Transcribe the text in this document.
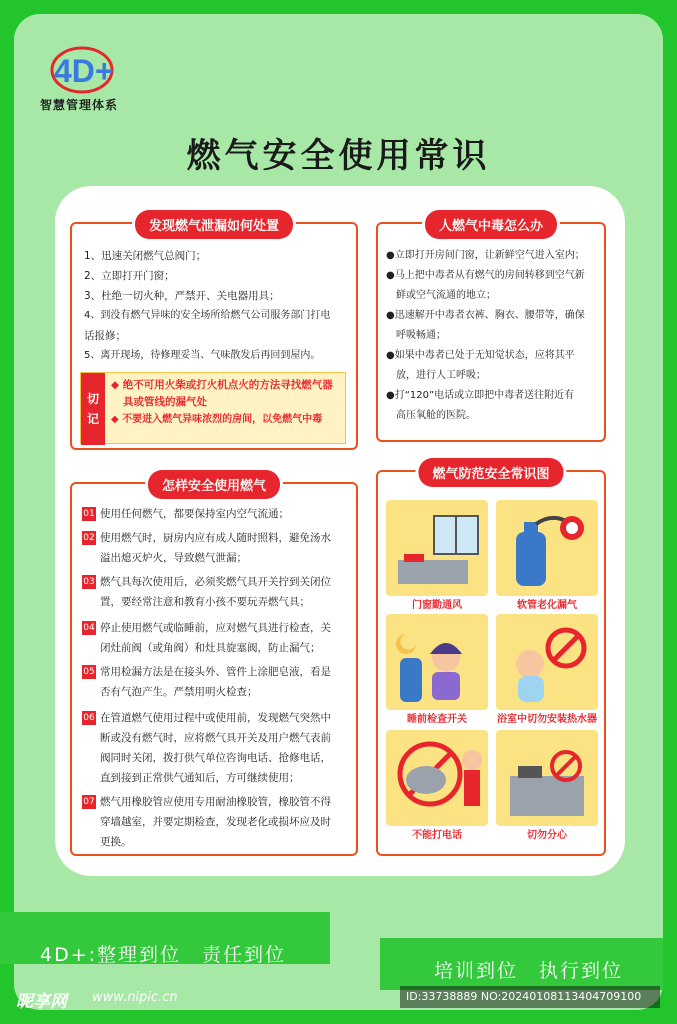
4D+
智慧管理体系
燃气安全使用常识
发现燃气泄漏如何处置

1、迅速关闭燃气总阀门；

2、立即打开门窗；

3、杜绝一切火种，严禁开、关电器用具；

4、到没有燃气异味的安全场所给燃气公司服务部门打电

话报修；

5、离开现场，待修理妥当、气味散发后再回到屋内。

切
记

◆ 绝不可用火柴或打火机点火的方法寻找燃气器

具或管线的漏气处

◆ 不要进入燃气异味浓烈的房间，以免燃气中毒

人燃气中毒怎么办

●立即打开房间门窗，让新鲜空气进入室内；

●马上把中毒者从有燃气的房间转移到空气新

鲜或空气流通的地立；

●迅速解开中毒者衣裤、胸衣、腰带等，确保

呼吸畅通；

●如果中毒者已处于无知觉状态，应将其平

放，进行人工呼吸；

●打“120”电话或立即把中毒者送往附近有

高压氧舱的医院。

怎样安全使用燃气

01 使用任何燃气，都要保持室内空气流通；

02 使用燃气时，厨房内应有成人随时照料，避免汤水

溢出熄灭炉火，导致燃气泄漏；

03 燃气具每次使用后，必须奖燃气具开关拧到关闭位

置，要经常注意和教育小孩不要玩弄燃气具；

04 停止使用燃气或临睡前，应对燃气具进行检查，关

闭灶前阀（或角阀）和灶具旋塞阀，防止漏气；

05 常用检漏方法是在接头外、管件上涂肥皂液，看是

否有气泡产生。严禁用明火检查；

06 在管道燃气使用过程中或使用前，发现燃气突然中

断或没有燃气时，应将燃气具开关及用户燃气表前

阀同时关闭，拨打供气单位咨询电话、抢修电话，

直到接到正常供气通知后，方可继续使用；

07 燃气用橡胶管应使用专用耐油橡胶管，橡胶管不得

穿墙越室，并要定期检查，发现老化或损坏应及时

更换。

燃气防范安全常识图
门窗勤通风	软管老化漏气
睡前检查开关	浴室中切勿安装热水器
不能打电话	切勿分心
4D+:整理到位　责任到位
培训到位　执行到位
昵享网 www.nipic.cn	ID:33738889 NO:20240108113404709100
